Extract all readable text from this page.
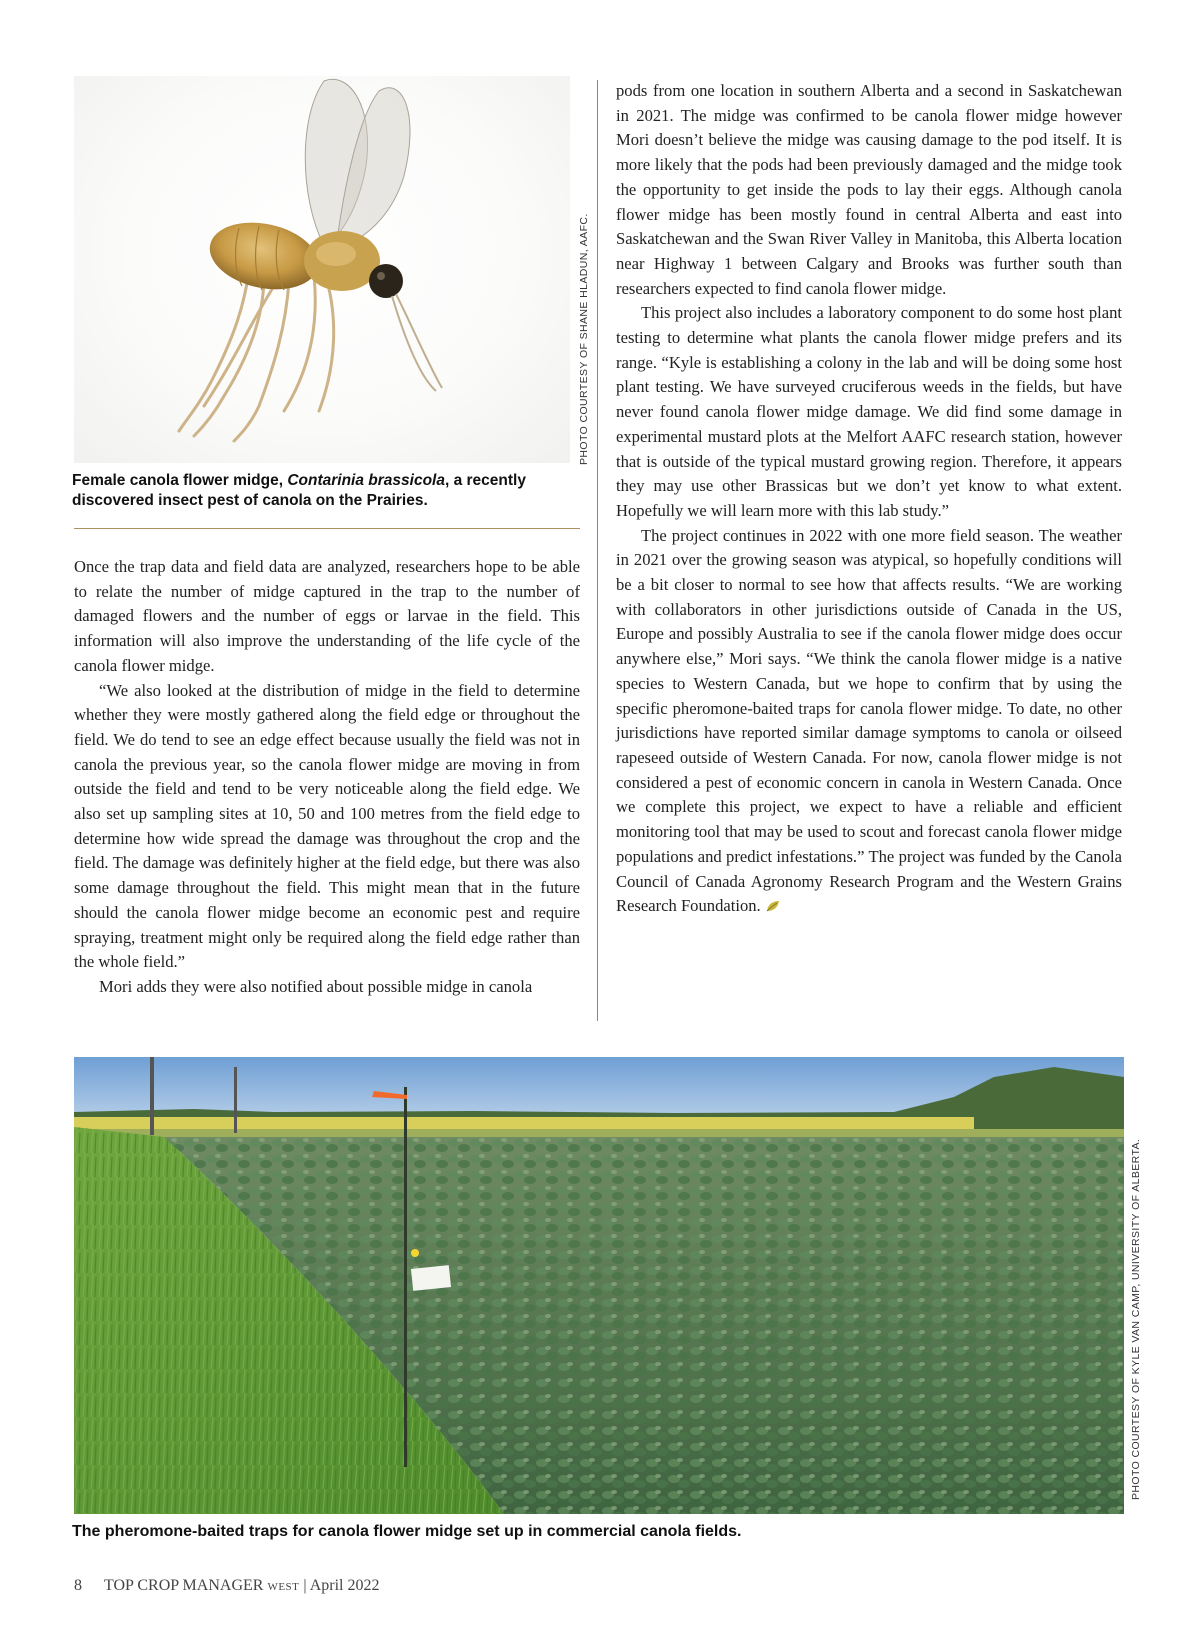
PHOTO COURTESY OF SHANE HLADUN, AAFC.
Female canola flower midge, Contarinia brassicola, a recently discovered insect pest of canola on the Prairies.

Once the trap data and field data are analyzed, researchers hope to be able to relate the number of midge captured in the trap to the number of damaged flowers and the number of eggs or larvae in the field. This information will also improve the understanding of the life cycle of the canola flower midge.

“We also looked at the distribution of midge in the field to determine whether they were mostly gathered along the field edge or throughout the field. We do tend to see an edge effect because usually the field was not in canola the previous year, so the canola flower midge are moving in from outside the field and tend to be very noticeable along the field edge. We also set up sampling sites at 10, 50 and 100 metres from the field edge to determine how wide spread the damage was throughout the crop and the field. The damage was definitely higher at the field edge, but there was also some damage throughout the field. This might mean that in the future should the canola flower midge become an economic pest and require spraying, treatment might only be required along the field edge rather than the whole field.”

Mori adds they were also notified about possible midge in canola

pods from one location in southern Alberta and a second in Saskatchewan in 2021. The midge was confirmed to be canola flower midge however Mori doesn’t believe the midge was causing damage to the pod itself. It is more likely that the pods had been previously damaged and the midge took the opportunity to get inside the pods to lay their eggs. Although canola flower midge has been mostly found in central Alberta and east into Saskatchewan and the Swan River Valley in Manitoba, this Alberta location near Highway 1 between Calgary and Brooks was further south than researchers expected to find canola flower midge.

This project also includes a laboratory component to do some host plant testing to determine what plants the canola flower midge prefers and its range. “Kyle is establishing a colony in the lab and will be doing some host plant testing. We have surveyed cruciferous weeds in the fields, but have never found canola flower midge damage. We did find some damage in experimental mustard plots at the Melfort AAFC research station, however that is outside of the typical mustard growing region. Therefore, it appears they may use other Brassicas but we don’t yet know to what extent. Hopefully we will learn more with this lab study.”

The project continues in 2022 with one more field season. The weather in 2021 over the growing season was atypical, so hopefully conditions will be a bit closer to normal to see how that affects results. “We are working with collaborators in other jurisdictions outside of Canada in the US, Europe and possibly Australia to see if the canola flower midge does occur anywhere else,” Mori says. “We think the canola flower midge is a native species to Western Canada, but we hope to confirm that by using the specific pheromone-baited traps for canola flower midge. To date, no other jurisdictions have reported similar damage symptoms to canola or oilseed rapeseed outside of Western Canada. For now, canola flower midge is not considered a pest of economic concern in canola in Western Canada. Once we complete this project, we expect to have a reliable and efficient monitoring tool that may be used to scout and forecast canola flower midge populations and predict infestations.” The project was funded by the Canola Council of Canada Agronomy Research Program and the Western Grains Research Foundation.

PHOTO COURTESY OF KYLE VAN CAMP, UNIVERSITY OF ALBERTA.
The pheromone-baited traps for canola flower midge set up in commercial canola fields.
8 TOP CROP MANAGER WEST | April 2022
